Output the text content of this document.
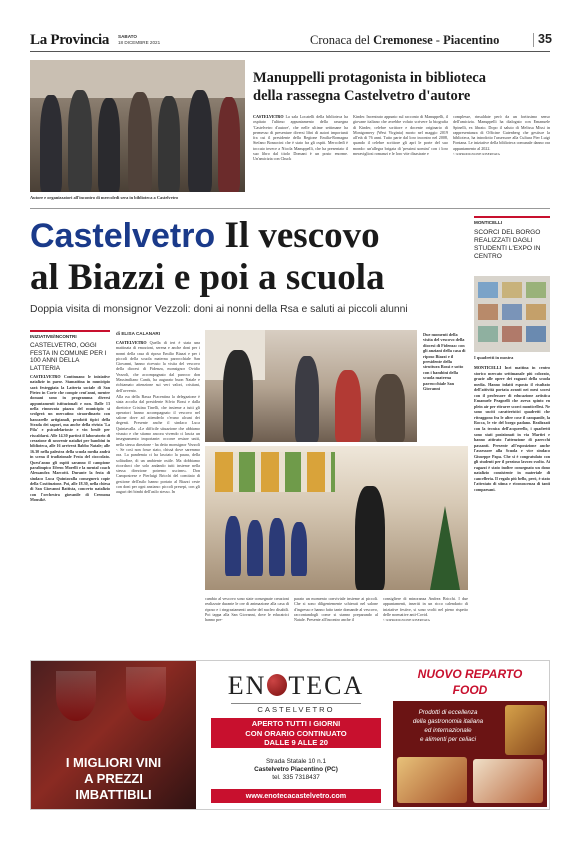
La Provincia SABATO
18 DICEMBRE 2021	Cronaca del Cremonese - Piacentino	35
Autore e organizzatori all'incontro di mercoledì sera in biblioteca a Castelvetro
Manuppelli protagonista in biblioteca
della rassegna Castelvetro d'autore
CASTELVETRO La sala Locatelli della biblioteca ha ospitato l'ultimo appuntamento della rassegna 'Castelvetro d'autore', che nelle ultime settimane ha permesso di presentare diversi libri di autori importanti fra cui il presidente della Regione Emilia-Romagna Stefano Bonaccini che è stato fra gli ospiti. Mercoledì è toccato invece a Nicola Manuppelli, che ha presentato il suo libro dal titolo Domani è un posto enorme. Un'amicizia con Chuck
Kinder. Incentrato appunto sul racconto di Manuppelli, il giovane italiano che avrebbe voluto scrivere la biografia di Kinder, celebre scrittore e docente originario di Montgomery (West Virginia) morto nel maggio 2019 all'età di 76 anni. Tutto parte dal loro incontro nel 2008, quando il celebre scrittore gli aprì le porte del suo mondo: un'allegra brigata di 'pessimi uomini' con i loro meravigliosi romanzi e le loro vite disastrate e
complesse, rinsaldate però da un fortissimo senso dell'amicizia. Manuppelli ha dialogato con Emanuele Spinelli, ex libraio. Dopo il saluto di Melissa Missi in rappresentanza di Officine Gutenberg che gestisce la biblioteca, ha introdotto l'assessore alla Cultura Pier Luigi Fontana. Le iniziative della biblioteca comunale danno ora appuntamento al 2022.
© RIPRODUZIONE RISERVATA
Castelvetro Il vescovo
al Biazzi e poi a scuola
Doppia visita di monsignor Vezzoli: doni ai nonni della Rsa e saluti ai piccoli alunni
INIZIATIVE/INCONTRI
CASTELVETRO, OGGI FESTA IN COMUNE PER I 100 ANNI DELLA LATTERIA
CASTELVETRO Continuano le iniziative natalizie in paese. Stamattina in municipio sarà festeggiata la Latteria sociale di San Pietro in Corte che compie cent'anni, mentre domani sono in programma diversi appuntamenti istituzionali e non. Dalle 13 nella rinnovata piazza del municipio si svolgerà un mercatino straordinario con bancarelle artigianali, prodotti tipici della Strada dei sapori, ma anche della rivista 'La Pila' e psicadelarioste e vin brulè per riscaldarsi. Alle 14.30 partirà il laboratorio di creazione di souvenir natalizi per bambini in biblioteca, alle 16 arriverà Babbo Natale; alle 16.30 nella palestra della scuola media andrà in scena il tradizionale Festa del cioccolato. Quest'anno gli ospiti saranno il campione paralimpico Efrem Morelli e la mental coach Alessandra Marcotti. Durante la festa di sindaco Luca Quintavalla consegnerà copie della Costituzione. Poi, alle 18.30, nella chiesa di San Giovanni Battista, concerto natalizio con l'orchestra giovanile di Cremona Mousikè.
di ELISA CALANARI
CASTELVETRO Quella di ieri è stata una mattinata di emozioni, serena e anche doni per i nonni della casa di riposo Emilio Biazzi e per i piccoli della scuola materna parrocchiale San Giovanni, hanno ricevuto la visita del vescovo della diocesi di Fidenza, monsignor Ovidio Vezzoli, che accompagnato dal parroco don Massimiliano Cantù, ha augurato buon Natale e richiamato attenzione sui veri valori, cristiani, dell'avvento.
Alla rsa della Bassa Piacentina la delegazione è stata accolta dal presidente Silvio Bossi e dalla direttrice Cristina Tinelli, che insieme a tutti gli operatori hanno accompagnato il vescovo nel salone dove ad attenderlo c'erano alcuni dei degenti. Presente anche il sindaco Luca Quintavalla. «Le difficile situazione che abbiamo vissuto e che stiamo ancora vivendo ci lascia un insegnamento importante: occorre restare uniti, nella stessa direzione - ha detto monsignor Vezzoli -. Se così non fosse stato, chissà dove saremmo ora. La pandemia ci ha lasciato la paura, della solitudine, di un ambiente ostile. Ma dobbiamo ricordarci che solo andando tutti insieme nella stessa direzione potremo uscirne». Don Campostrese e Pierluigi Bricchi del comitato di gestione dell'asilo hanno portato al Biazzi ceste con doni per ogni anziano: piccoli presepi, con gli auguri dei bimbi dell'asilo stesso. In
Due momenti della visita del vescovo della diocesi di Fidenza: con gli anziani della casa di riposo Biazzi e il presidente della struttura Bossi e sotto con i bambini della scuola materna parrocchiale San Giovanni
cambio al vescovo sono state consegnate creazioni realizzate durante le ore di animazione alla casa di riposo e i ringraziamenti anche del nucleo disabili. Poi tappa alla San Giovanni, dove le educatrici hanno pre-
parato un momento conviviale insieme ai piccoli. Che si sono diligentemente schierati nel salone d'ingresso e hanno fatto tante domande al vescovo, raccontandogli come si stanno preparando al Natale. Presente all'incontro anche il
consigliere di minoranza Andrea Bricchi. I due appuntamenti, inseriti in un ricco calendario di iniziative festive, si sono svolti nel pieno rispetto delle normative anti-Covid.
© RIPRODUZIONE RISERVATA
MONTICELLI
SCORCI DEL BORGO REALIZZATI DAGLI STUDENTI L'EXPO IN CENTRO
I quadretti in mostra
MONTICELLI Inri mattina in centro storico mercato settimanale più colorato, grazie alle opere dei ragazzi della scuola media. Hanno infatti esposto il risultato dell'attività portata avanti nei mesi scorsi con il professore di educazione artistica Emanuele Peagnelli che aveva spinto en plein air per ritrarre scorci monticellesi. Ne sono usciti caratteristici quadretti che ritraggono fra le altre cose il campanile, la Rocca, le vie del borgo padano. Realizzati con la tecnica dell'acquerello, i quadretti sono stati posizionati in via Martiri e hanno attirato l'attenzione di parecchi passanti. Presente all'esposizione anche l'assessore alla Scuola e vice sindaco Giuseppe Papa. Che si è congratulato con gli studenti per il prezioso lavoro svolto. Ai ragazzi è stato inoltre consegnato un dono natalizio consistente in materiale di cancelleria. Il regalo più bello, però, è stato l'attestato di stima e riconoscenza di tanti compaesani.
I MIGLIORI VINI
A PREZZI
IMBATTIBILI
EN TECA
CASTELVETRO
APERTO TUTTI I GIORNI
CON ORARIO CONTINUATO
DALLE 9 ALLE 20
Strada Statale 10 n.1
Castelvetro Piacentino (PC)
tel. 335 7318437
www.enotecacastelvetro.com
NUOVO REPARTO
FOOD
Prodotti di eccellenza
della gastronomia italiana
ed internazionale
e alimenti per celiaci
